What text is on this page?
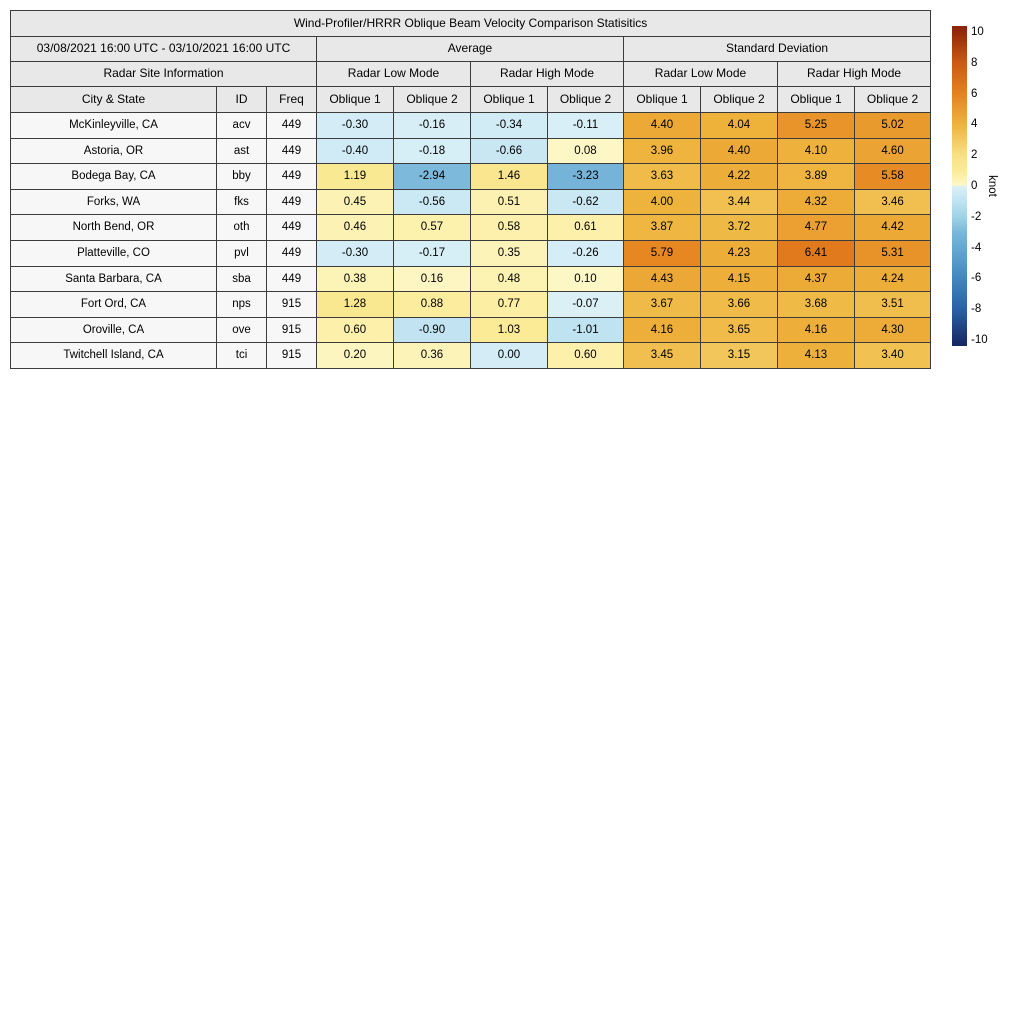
Wind-Profiler/HRRR Oblique Beam Velocity Comparison Statisitics										
03/08/2021 16:00 UTC - 03/10/2021 16:00 UTC			Average				Standard Deviation			
Radar Site Information			Radar Low Mode		Radar High Mode		Radar Low Mode		Radar High Mode	
City & State	ID	Freq	Oblique 1	Oblique 2	Oblique 1	Oblique 2	Oblique 1	Oblique 2	Oblique 1	Oblique 2
McKinleyville, CA	acv	449	-0.30	-0.16	-0.34	-0.11	4.40	4.04	5.25	5.02
Astoria, OR	ast	449	-0.40	-0.18	-0.66	0.08	3.96	4.40	4.10	4.60
Bodega Bay, CA	bby	449	1.19	-2.94	1.46	-3.23	3.63	4.22	3.89	5.58
Forks, WA	fks	449	0.45	-0.56	0.51	-0.62	4.00	3.44	4.32	3.46
North Bend, OR	oth	449	0.46	0.57	0.58	0.61	3.87	3.72	4.77	4.42
Platteville, CO	pvl	449	-0.30	-0.17	0.35	-0.26	5.79	4.23	6.41	5.31
Santa Barbara, CA	sba	449	0.38	0.16	0.48	0.10	4.43	4.15	4.37	4.24
Fort Ord, CA	nps	915	1.28	0.88	0.77	-0.07	3.67	3.66	3.68	3.51
Oroville, CA	ove	915	0.60	-0.90	1.03	-1.01	4.16	3.65	4.16	4.30
Twitchell Island, CA	tci	915	0.20	0.36	0.00	0.60	3.45	3.15	4.13	3.40
10
8
6
4
2
0
-2
-4
-6
-8
-10
knot
